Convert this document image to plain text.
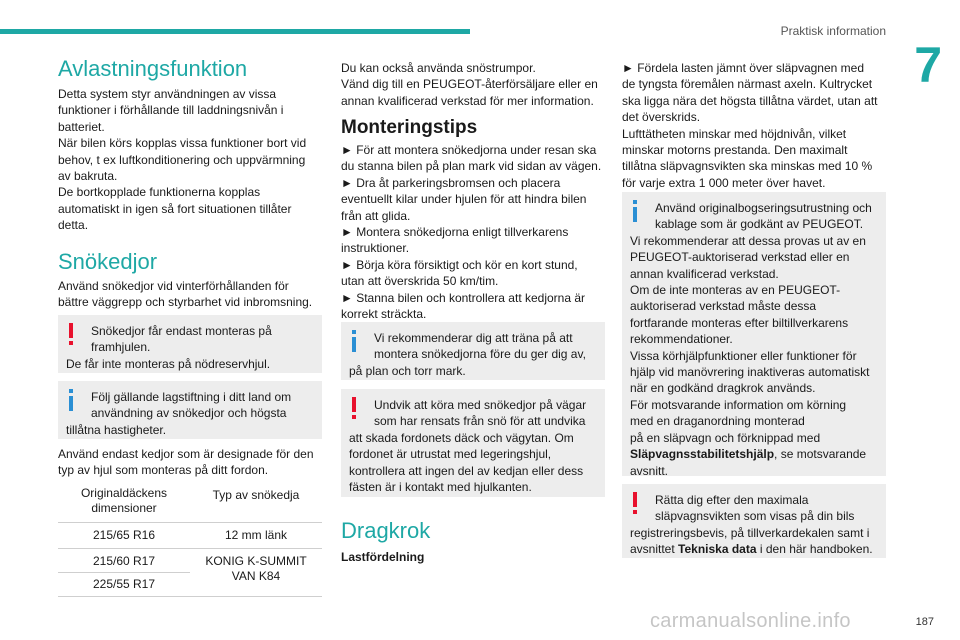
Praktisk information
7
Avlastningsfunktion
Detta system styr användningen av vissa
funktioner i förhållande till laddningsnivån i
batteriet.
När bilen körs kopplas vissa funktioner bort vid
behov, t ex luftkonditionering och uppvärmning
av bakruta.
De bortkopplade funktionerna kopplas
automatiskt in igen så fort situationen tillåter
detta.
Snökedjor
Använd snökedjor vid vinterförhållanden för
bättre väggrepp och styrbarhet vid inbromsning.
Snökedjor får endast monteras på
framhjulen.
De får inte monteras på nödreservhjul.
Följ gällande lagstiftning i ditt land om
användning av snökedjor och högsta
tillåtna hastigheter.
Använd endast kedjor som är designade för den
typ av hjul som monteras på ditt fordon.
Originaldäckens
dimensioner	Typ av snökedja
215/65 R16	12 mm länk
215/60 R17	KONIG K-SUMMIT
VAN K84
225/55 R17	
Du kan också använda snöstrumpor.
Vänd dig till en PEUGEOT-återförsäljare eller en
annan kvalificerad verkstad för mer information.
Monteringstips
► För att montera snökedjorna under resan ska
du stanna bilen på plan mark vid sidan av vägen.
► Dra åt parkeringsbromsen och placera
eventuellt kilar under hjulen för att hindra bilen
från att glida.
► Montera snökedjorna enligt tillverkarens
instruktioner.
► Börja köra försiktigt och kör en kort stund,
utan att överskrida 50 km/tim.
► Stanna bilen och kontrollera att kedjorna är
korrekt sträckta.
Vi rekommenderar dig att träna på att
montera snökedjorna före du ger dig av,
på plan och torr mark.
Undvik att köra med snökedjor på vägar
som har rensats från snö för att undvika
att skada fordonets däck och vägytan. Om
fordonet är utrustat med legeringshjul,
kontrollera att ingen del av kedjan eller dess
fästen är i kontakt med hjulkanten.
Dragkrok
Lastfördelning
► Fördela lasten jämnt över släpvagnen med
de tyngsta föremålen närmast axeln. Kultrycket
ska ligga nära det högsta tillåtna värdet, utan att
det överskrids.
Lufttätheten minskar med höjdnivån, vilket
minskar motorns prestanda. Den maximalt
tillåtna släpvagnsvikten ska minskas med 10 %
för varje extra 1 000 meter över havet.
Använd originalbogseringsutrustning och
kablage som är godkänt av PEUGEOT.
Vi rekommenderar att dessa provas ut av en
PEUGEOT-auktoriserad verkstad eller en
annan kvalificerad verkstad.
Om de inte monteras av en PEUGEOT-
auktoriserad verkstad måste dessa
fortfarande monteras efter biltillverkarens
rekommendationer.
Vissa körhjälpfunktioner eller funktioner för
hjälp vid manövrering inaktiveras automatiskt
när en godkänd dragkrok används.
För motsvarande information om körning
med en draganordning monterad
på en släpvagn och förknippad med
Släpvagnsstabilitetshjälp, se motsvarande
avsnitt.
Rätta dig efter den maximala
släpvagnsvikten som visas på din bils
registreringsbevis, på tillverkardekalen samt i
avsnittet Tekniska data i den här handboken.
187
carmanualsonline.info
